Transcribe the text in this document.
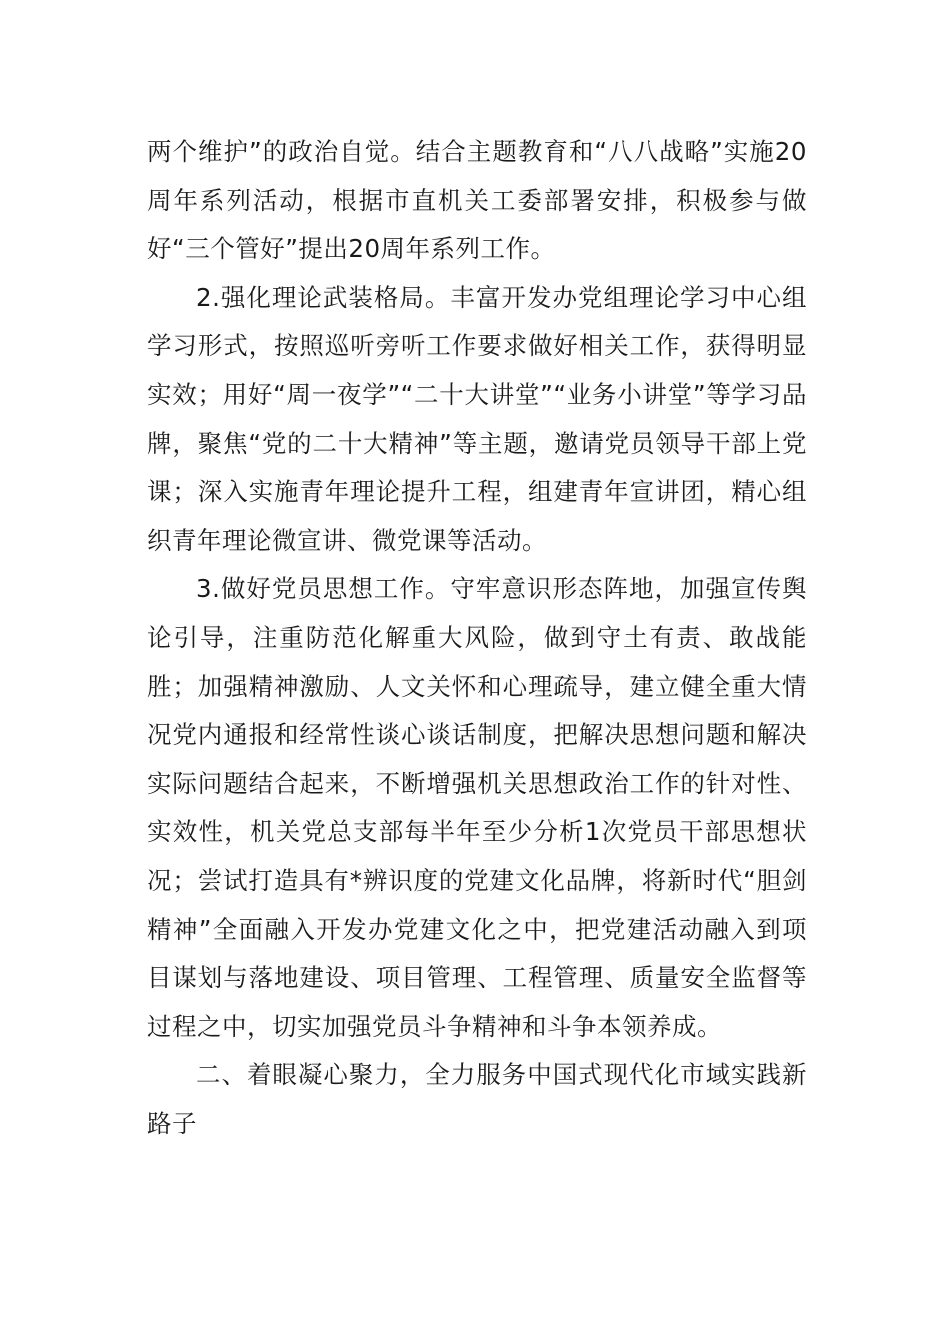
两个维护”的政治自觉。结合主题教育和“八八战略”实施20周年系列活动，根据市直机关工委部署安排，积极参与做好“三个管好”提出20周年系列工作。

2.强化理论武装格局。丰富开发办党组理论学习中心组学习形式，按照巡听旁听工作要求做好相关工作，获得明显实效；用好“周一夜学”“二十大讲堂”“业务小讲堂”等学习品牌，聚焦“党的二十大精神”等主题，邀请党员领导干部上党课；深入实施青年理论提升工程，组建青年宣讲团，精心组织青年理论微宣讲、微党课等活动。

3.做好党员思想工作。守牢意识形态阵地，加强宣传舆论引导，注重防范化解重大风险，做到守土有责、敢战能胜；加强精神激励、人文关怀和心理疏导，建立健全重大情况党内通报和经常性谈心谈话制度，把解决思想问题和解决实际问题结合起来，不断增强机关思想政治工作的针对性、实效性，机关党总支部每半年至少分析1次党员干部思想状况；尝试打造具有*辨识度的党建文化品牌，将新时代“胆剑精神”全面融入开发办党建文化之中，把党建活动融入到项目谋划与落地建设、项目管理、工程管理、质量安全监督等过程之中，切实加强党员斗争精神和斗争本领养成。

二、着眼凝心聚力，全力服务中国式现代化市域实践新路子
